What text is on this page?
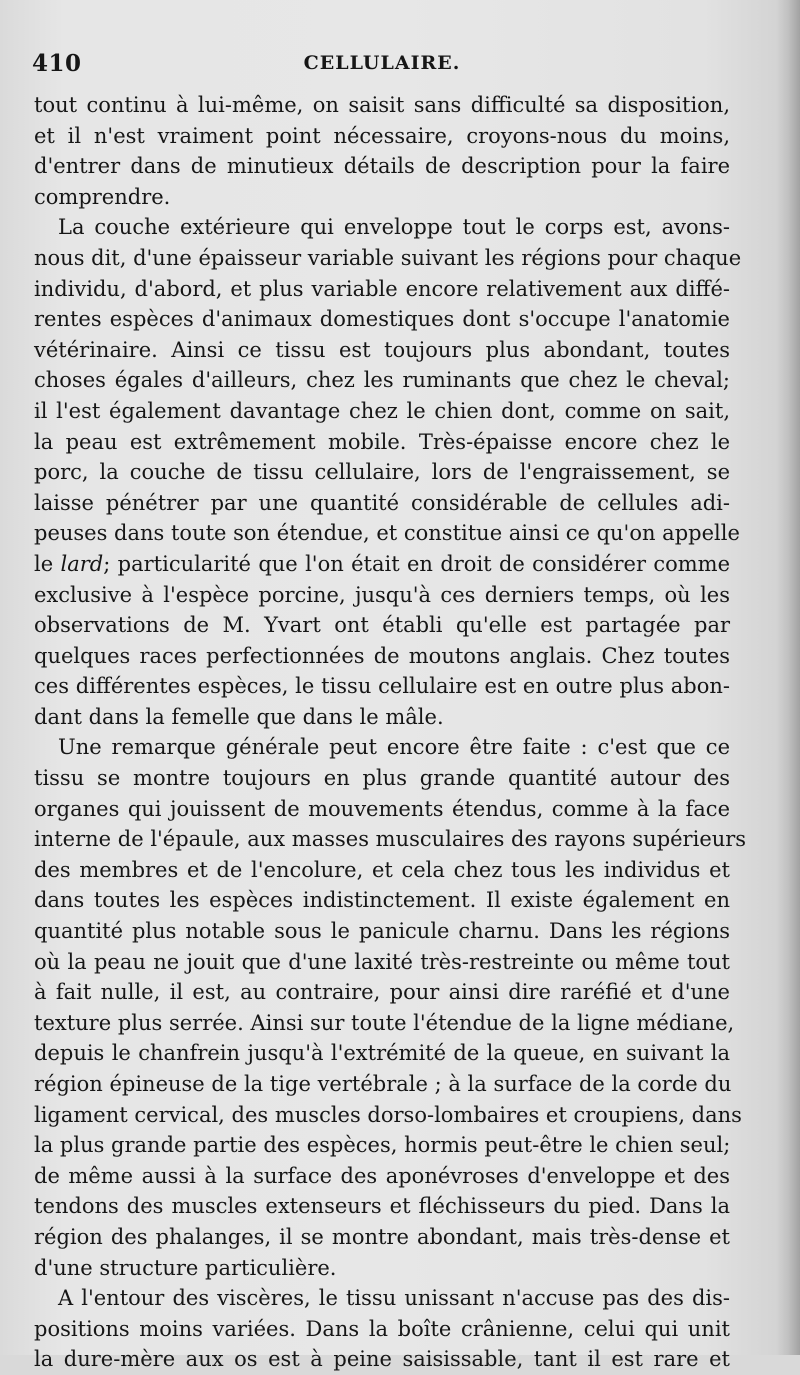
410	CELLULAIRE.

tout continu à lui-même, on saisit sans difficulté sa disposition,
et il n'est vraiment point nécessaire, croyons-nous du moins,
d'entrer dans de minutieux détails de description pour la faire
comprendre.

La couche extérieure qui enveloppe tout le corps est, avons-
nous dit, d'une épaisseur variable suivant les régions pour chaque
individu, d'abord, et plus variable encore relativement aux diffé-
rentes espèces d'animaux domestiques dont s'occupe l'anatomie
vétérinaire. Ainsi ce tissu est toujours plus abondant, toutes
choses égales d'ailleurs, chez les ruminants que chez le cheval;
il l'est également davantage chez le chien dont, comme on sait,
la peau est extrêmement mobile. Très-épaisse encore chez le
porc, la couche de tissu cellulaire, lors de l'engraissement, se
laisse pénétrer par une quantité considérable de cellules adi-
peuses dans toute son étendue, et constitue ainsi ce qu'on appelle
le lard; particularité que l'on était en droit de considérer comme
exclusive à l'espèce porcine, jusqu'à ces derniers temps, où les
observations de M. Yvart ont établi qu'elle est partagée par
quelques races perfectionnées de moutons anglais. Chez toutes
ces différentes espèces, le tissu cellulaire est en outre plus abon-
dant dans la femelle que dans le mâle.

Une remarque générale peut encore être faite : c'est que ce
tissu se montre toujours en plus grande quantité autour des
organes qui jouissent de mouvements étendus, comme à la face
interne de l'épaule, aux masses musculaires des rayons supérieurs
des membres et de l'encolure, et cela chez tous les individus et
dans toutes les espèces indistinctement. Il existe également en
quantité plus notable sous le panicule charnu. Dans les régions
où la peau ne jouit que d'une laxité très-restreinte ou même tout
à fait nulle, il est, au contraire, pour ainsi dire raréfié et d'une
texture plus serrée. Ainsi sur toute l'étendue de la ligne médiane,
depuis le chanfrein jusqu'à l'extrémité de la queue, en suivant la
région épineuse de la tige vertébrale ; à la surface de la corde du
ligament cervical, des muscles dorso-lombaires et croupiens, dans
la plus grande partie des espèces, hormis peut-être le chien seul;
de même aussi à la surface des aponévroses d'enveloppe et des
tendons des muscles extenseurs et fléchisseurs du pied. Dans la
région des phalanges, il se montre abondant, mais très-dense et
d'une structure particulière.

A l'entour des viscères, le tissu unissant n'accuse pas des dis-
positions moins variées. Dans la boîte crânienne, celui qui unit
la dure-mère aux os est à peine saisissable, tant il est rare et
